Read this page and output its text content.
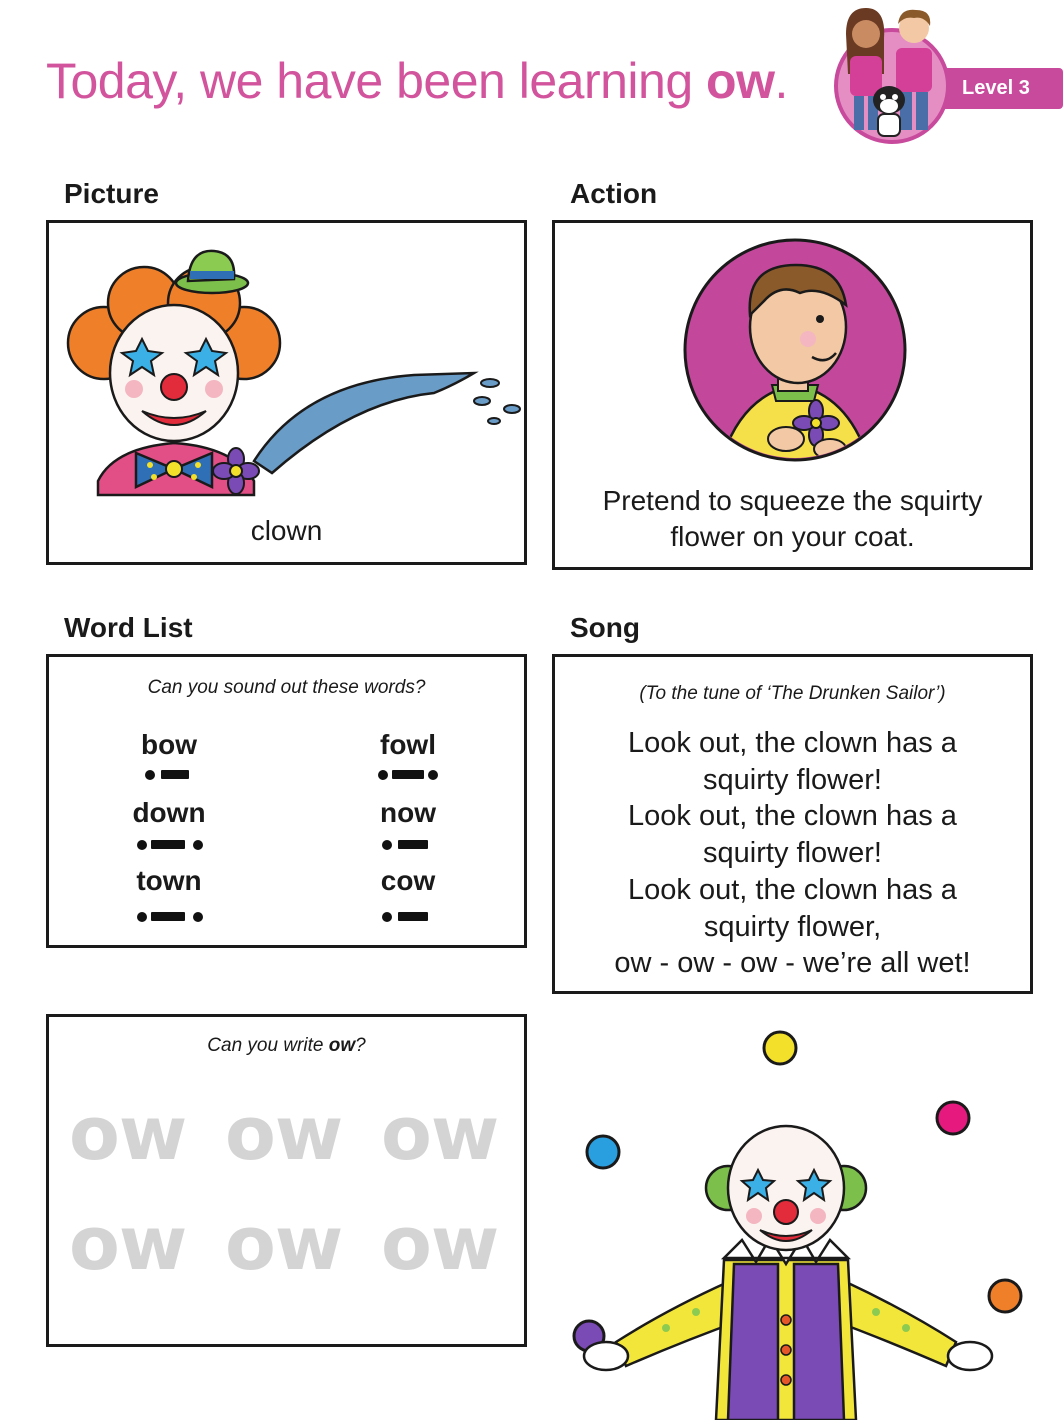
Today, we have been learning ow.	Level 3
Picture
clown
Action
Pretend to squeeze the squirty
flower on your coat.
Word List
Can you sound out these words?
bow	fowl
down	now
town	cow
Song
(To the tune of ‘The Drunken Sailor’)
Look out, the clown has a
squirty flower!
Look out, the clown has a
squirty flower!
Look out, the clown has a
squirty flower,
ow - ow - ow - we’re all wet!
Can you write ow?
ow ow ow
ow ow ow
